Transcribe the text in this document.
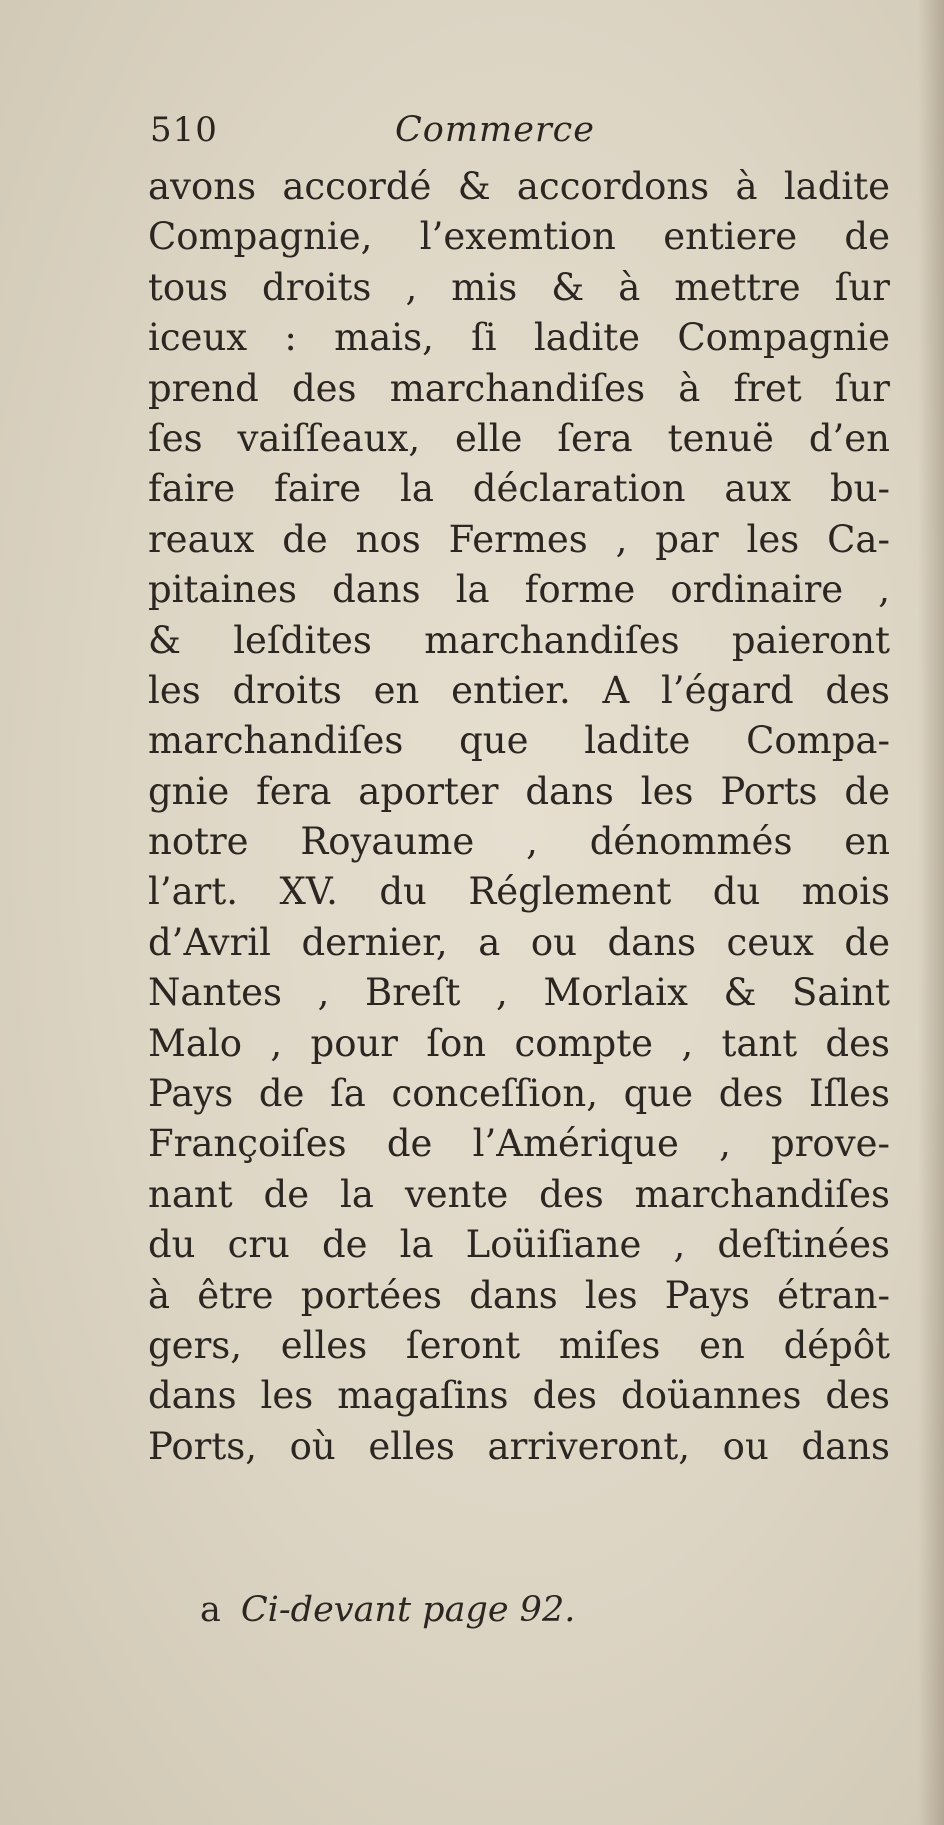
510	Commerce
avons accordé & accordons à ladite
Compagnie, l’exemtion entiere de
tous droits , mis & à mettre ſur
iceux : mais, ſi ladite Compagnie
prend des marchandiſes à fret ſur
ſes vaiſſeaux, elle ſera tenuë d’en
faire faire la déclaration aux bu-
reaux de nos Fermes , par les Ca-
pitaines dans la forme ordinaire ,
& leſdites marchandiſes paieront
les droits en entier. A l’égard des
marchandiſes que ladite Compa-
gnie fera aporter dans les Ports de
notre Royaume , dénommés en
l’art. XV. du Réglement du mois
d’Avril dernier, a ou dans ceux de
Nantes , Breſt , Morlaix & Saint
Malo , pour ſon compte , tant des
Pays de ſa conceſſion, que des Iſles
Françoiſes de l’Amérique , prove-
nant de la vente des marchandiſes
du cru de la Loüiſiane , deſtinées
à être portées dans les Pays étran-
gers, elles ſeront miſes en dépôt
dans les magaſins des doüannes des
Ports, où elles arriveront, ou dans
a Ci-devant page 92.
